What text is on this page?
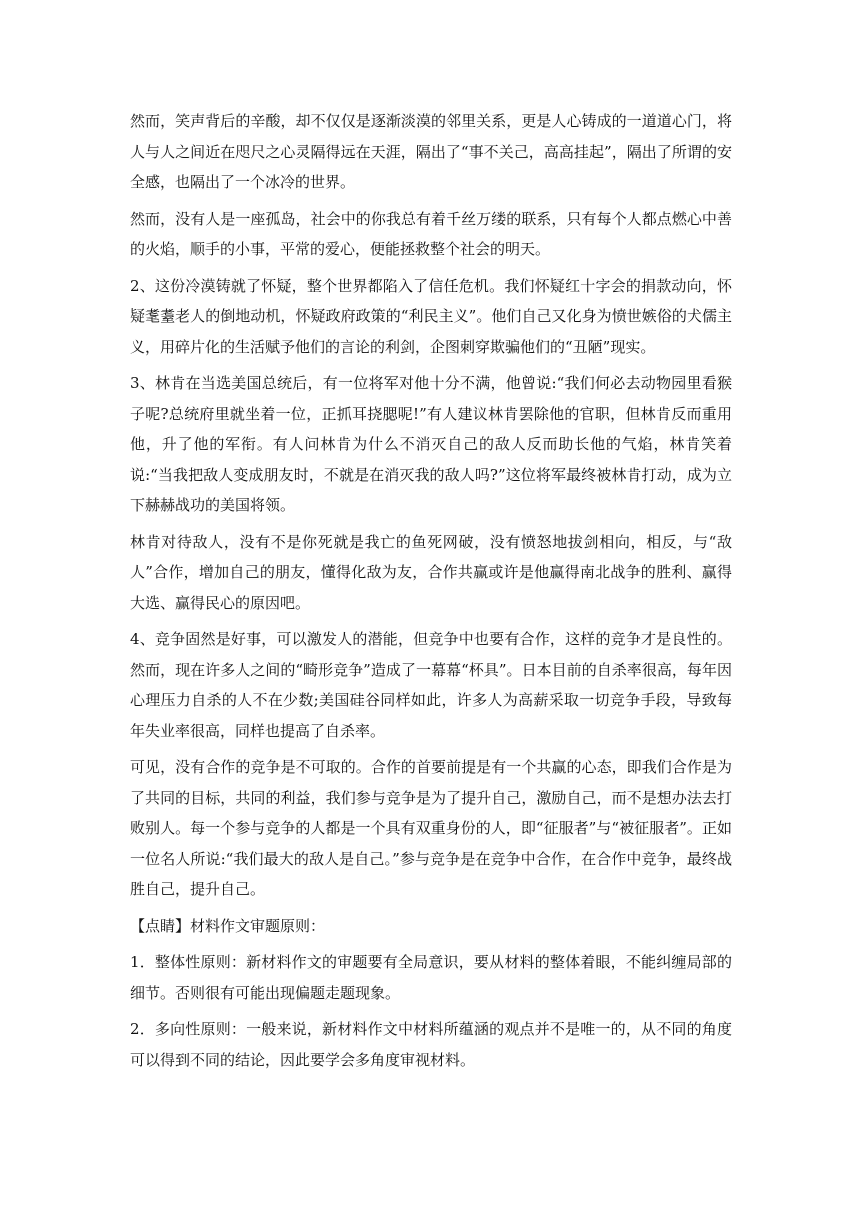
然而，笑声背后的辛酸，却不仅仅是逐渐淡漠的邻里关系，更是人心铸成的一道道心门，将人与人之间近在咫尺之心灵隔得远在天涯，隔出了“事不关己，高高挂起”，隔出了所谓的安全感，也隔出了一个冰冷的世界。

然而，没有人是一座孤岛，社会中的你我总有着千丝万缕的联系，只有每个人都点燃心中善的火焰，顺手的小事，平常的爱心，便能拯救整个社会的明天。

2、这份冷漠铸就了怀疑，整个世界都陷入了信任危机。我们怀疑红十字会的捐款动向，怀疑耄耋老人的倒地动机，怀疑政府政策的“利民主义”。他们自己又化身为愤世嫉俗的犬儒主义，用碎片化的生活赋予他们的言论的利剑，企图刺穿欺骗他们的“丑陋”现实。

3、林肯在当选美国总统后，有一位将军对他十分不满，他曾说:“我们何必去动物园里看猴子呢?总统府里就坐着一位，正抓耳挠腮呢!”有人建议林肯罢除他的官职，但林肯反而重用他，升了他的军衔。有人问林肯为什么不消灭自己的敌人反而助长他的气焰，林肯笑着说:“当我把敌人变成朋友时，不就是在消灭我的敌人吗?”这位将军最终被林肯打动，成为立下赫赫战功的美国将领。

林肯对待敌人，没有不是你死就是我亡的鱼死网破，没有愤怒地拔剑相向，相反，与“敌人”合作，增加自己的朋友，懂得化敌为友，合作共赢或许是他赢得南北战争的胜利、赢得大选、赢得民心的原因吧。

4、竞争固然是好事，可以激发人的潜能，但竞争中也要有合作，这样的竞争才是良性的。然而，现在许多人之间的“畸形竞争”造成了一幕幕“杯具”。日本目前的自杀率很高，每年因心理压力自杀的人不在少数;美国硅谷同样如此，许多人为高薪采取一切竞争手段，导致每年失业率很高，同样也提高了自杀率。

可见，没有合作的竞争是不可取的。合作的首要前提是有一个共赢的心态，即我们合作是为了共同的目标，共同的利益，我们参与竞争是为了提升自己，激励自己，而不是想办法去打败别人。每一个参与竞争的人都是一个具有双重身份的人，即“征服者”与“被征服者”。正如一位名人所说:“我们最大的敌人是自己。”参与竞争是在竞争中合作，在合作中竞争，最终战胜自己，提升自己。

【点睛】材料作文审题原则：

1．整体性原则：新材料作文的审题要有全局意识，要从材料的整体着眼，不能纠缠局部的细节。否则很有可能出现偏题走题现象。

2．多向性原则：一般来说，新材料作文中材料所蕴涵的观点并不是唯一的，从不同的角度可以得到不同的结论，因此要学会多角度审视材料。
